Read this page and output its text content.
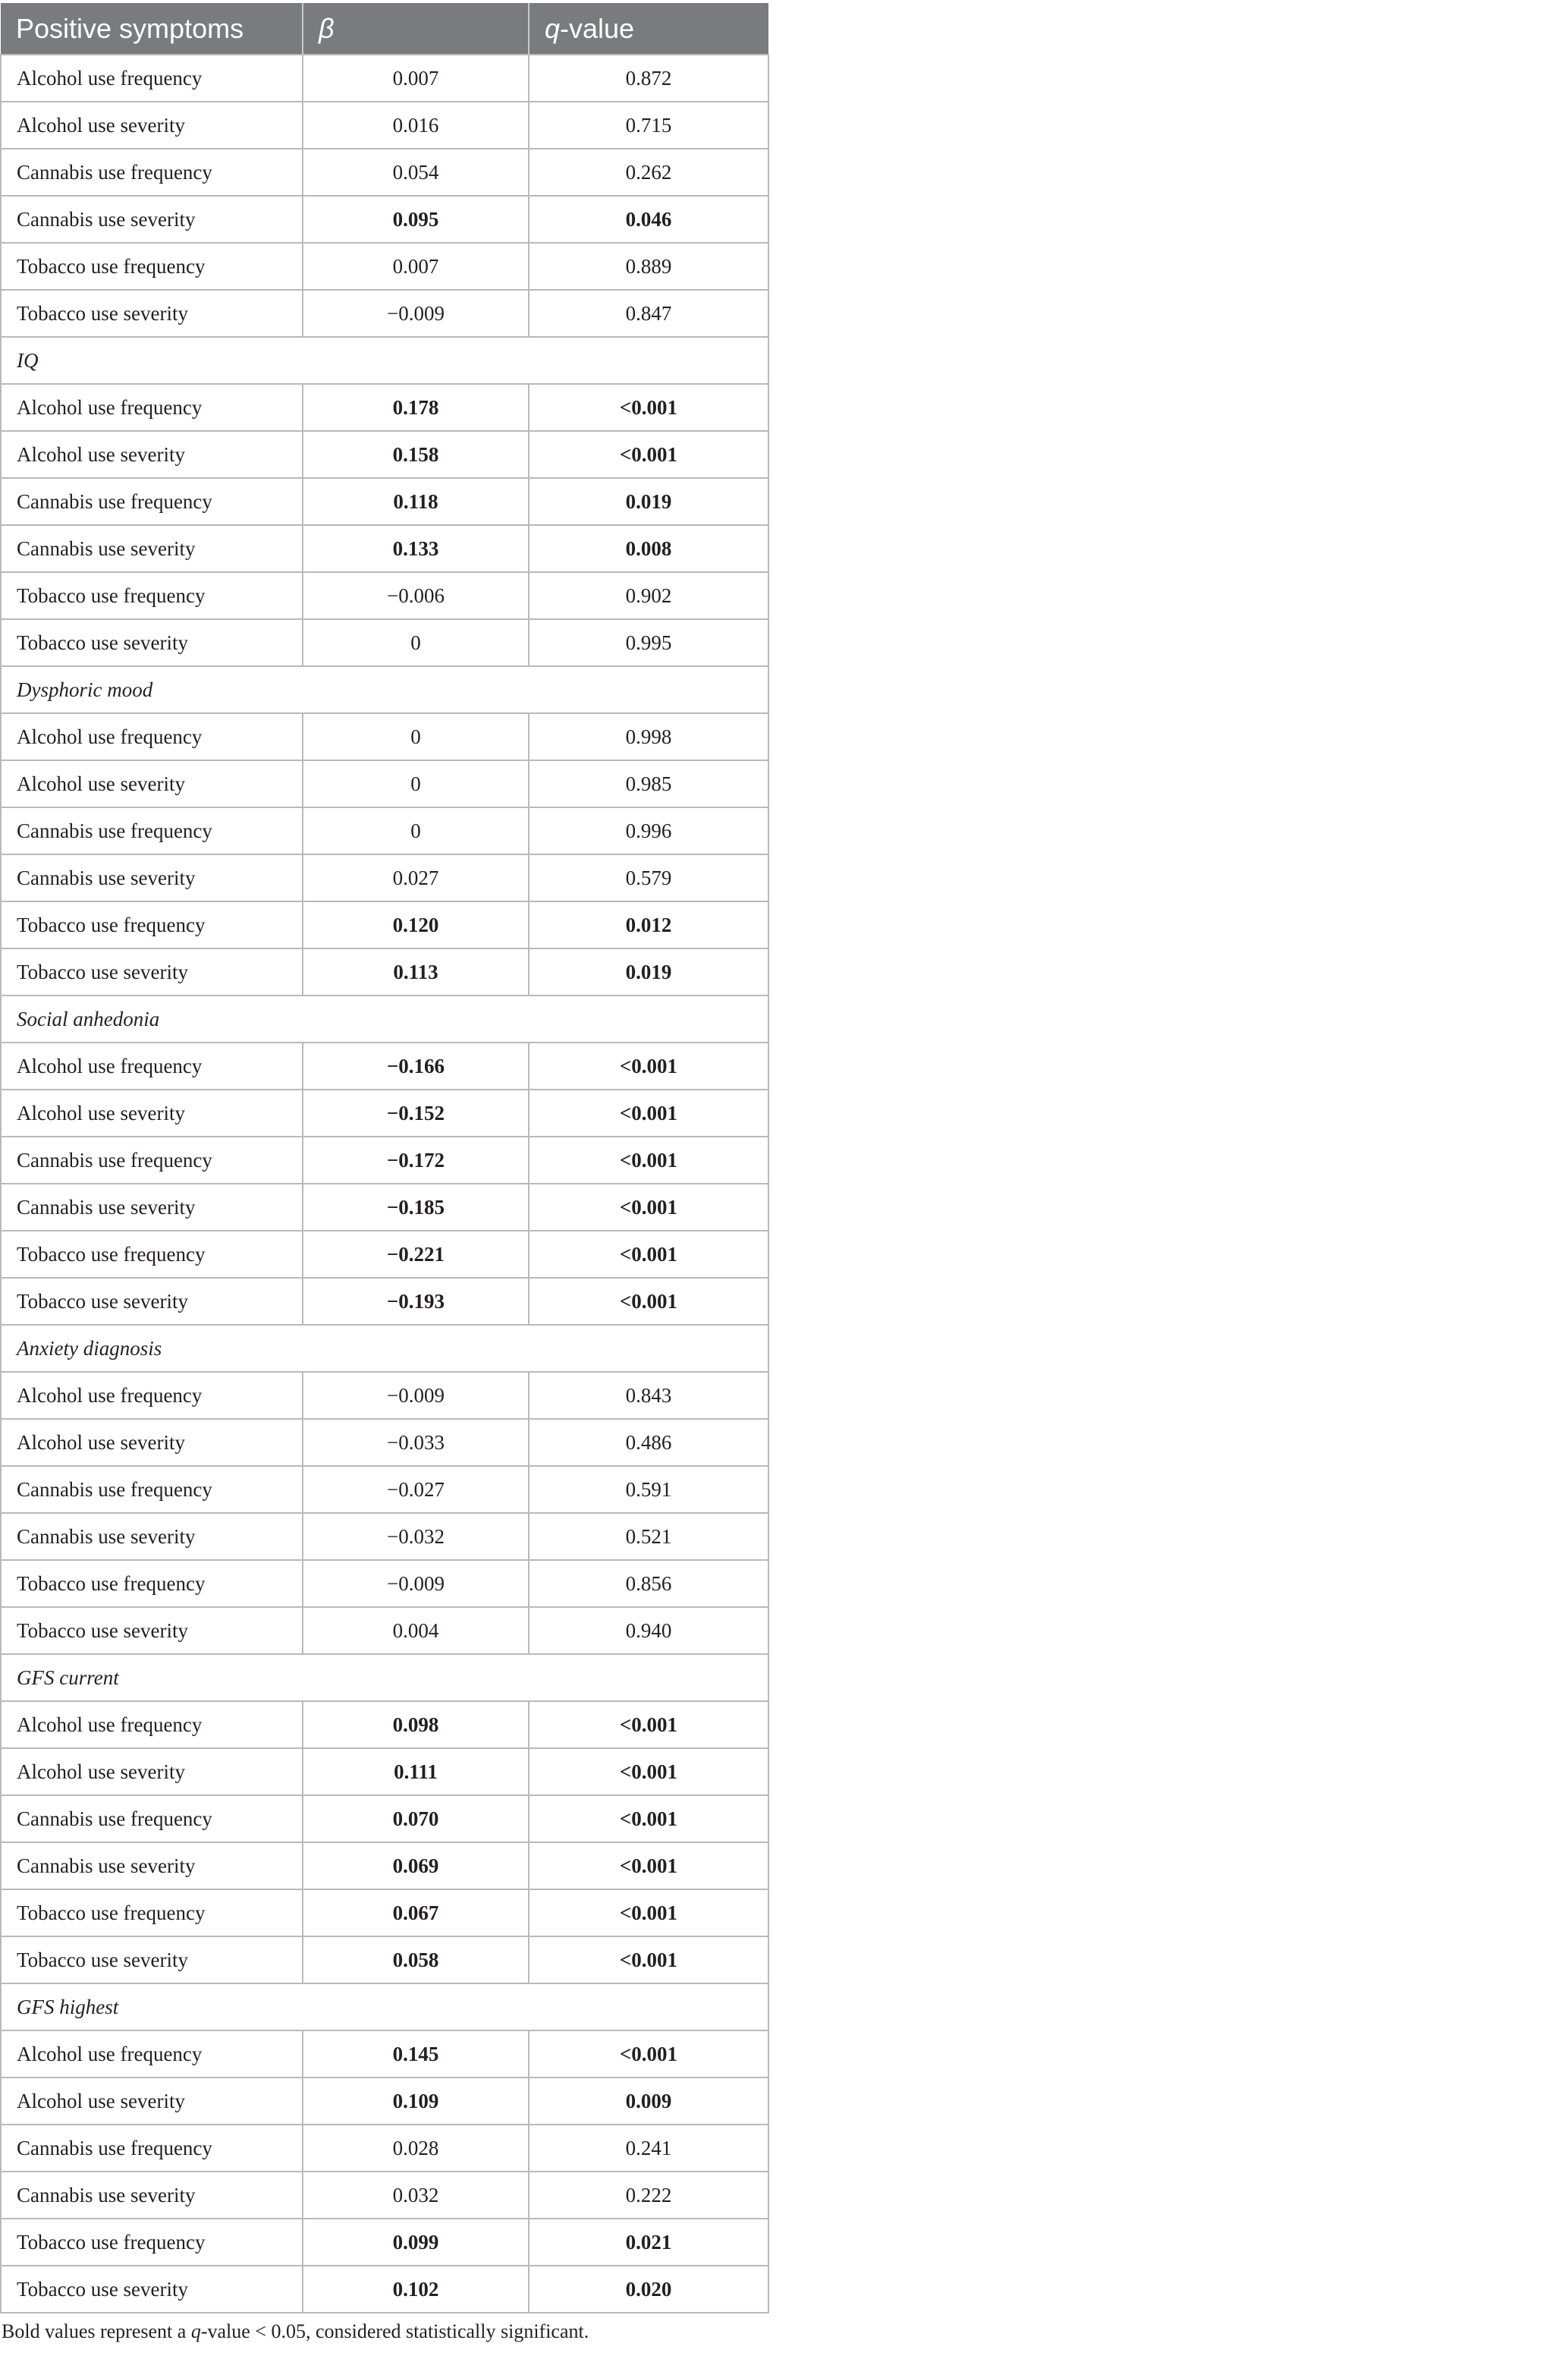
Positive symptoms	β	q-value
Alcohol use frequency	0.007	0.872
Alcohol use severity	0.016	0.715
Cannabis use frequency	0.054	0.262
Cannabis use severity	0.095	0.046
Tobacco use frequency	0.007	0.889
Tobacco use severity	−0.009	0.847
IQ		
Alcohol use frequency	0.178	<0.001
Alcohol use severity	0.158	<0.001
Cannabis use frequency	0.118	0.019
Cannabis use severity	0.133	0.008
Tobacco use frequency	−0.006	0.902
Tobacco use severity	0	0.995
Dysphoric mood		
Alcohol use frequency	0	0.998
Alcohol use severity	0	0.985
Cannabis use frequency	0	0.996
Cannabis use severity	0.027	0.579
Tobacco use frequency	0.120	0.012
Tobacco use severity	0.113	0.019
Social anhedonia		
Alcohol use frequency	−0.166	<0.001
Alcohol use severity	−0.152	<0.001
Cannabis use frequency	−0.172	<0.001
Cannabis use severity	−0.185	<0.001
Tobacco use frequency	−0.221	<0.001
Tobacco use severity	−0.193	<0.001
Anxiety diagnosis		
Alcohol use frequency	−0.009	0.843
Alcohol use severity	−0.033	0.486
Cannabis use frequency	−0.027	0.591
Cannabis use severity	−0.032	0.521
Tobacco use frequency	−0.009	0.856
Tobacco use severity	0.004	0.940
GFS current		
Alcohol use frequency	0.098	<0.001
Alcohol use severity	0.111	<0.001
Cannabis use frequency	0.070	<0.001
Cannabis use severity	0.069	<0.001
Tobacco use frequency	0.067	<0.001
Tobacco use severity	0.058	<0.001
GFS highest		
Alcohol use frequency	0.145	<0.001
Alcohol use severity	0.109	0.009
Cannabis use frequency	0.028	0.241
Cannabis use severity	0.032	0.222
Tobacco use frequency	0.099	0.021
Tobacco use severity	0.102	0.020
Bold values represent a q-value < 0.05, considered statistically significant.
